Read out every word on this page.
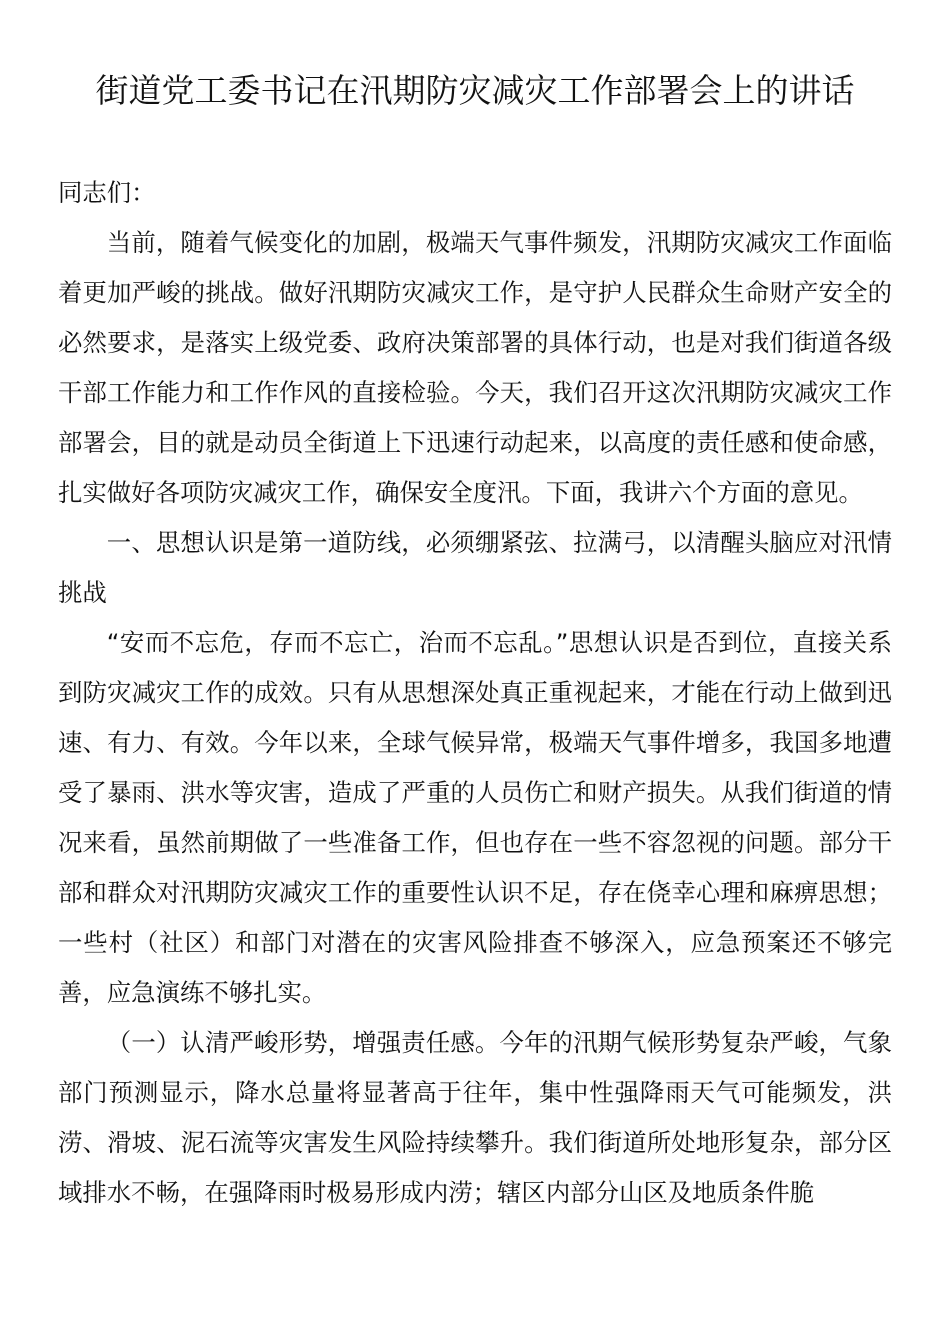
街道党工委书记在汛期防灾减灾工作部署会上的讲话

同志们：

当前，随着气候变化的加剧，极端天气事件频发，汛期防灾减灾工作面临着更加严峻的挑战。做好汛期防灾减灾工作，是守护人民群众生命财产安全的必然要求，是落实上级党委、政府决策部署的具体行动，也是对我们街道各级干部工作能力和工作作风的直接检验。今天，我们召开这次汛期防灾减灾工作部署会，目的就是动员全街道上下迅速行动起来，以高度的责任感和使命感，扎实做好各项防灾减灾工作，确保安全度汛。下面，我讲六个方面的意见。

一、思想认识是第一道防线，必须绷紧弦、拉满弓，以清醒头脑应对汛情挑战

“安而不忘危，存而不忘亡，治而不忘乱。”思想认识是否到位，直接关系到防灾减灾工作的成效。只有从思想深处真正重视起来，才能在行动上做到迅速、有力、有效。今年以来，全球气候异常，极端天气事件增多，我国多地遭受了暴雨、洪水等灾害，造成了严重的人员伤亡和财产损失。从我们街道的情况来看，虽然前期做了一些准备工作，但也存在一些不容忽视的问题。部分干部和群众对汛期防灾减灾工作的重要性认识不足，存在侥幸心理和麻痹思想；一些村（社区）和部门对潜在的灾害风险排查不够深入，应急预案还不够完善，应急演练不够扎实。

（一）认清严峻形势，增强责任感。今年的汛期气候形势复杂严峻，气象部门预测显示，降水总量将显著高于往年，集中性强降雨天气可能频发，洪涝、滑坡、泥石流等灾害发生风险持续攀升。我们街道所处地形复杂，部分区域排水不畅，在强降雨时极易形成内涝；辖区内部分山区及地质条件脆
